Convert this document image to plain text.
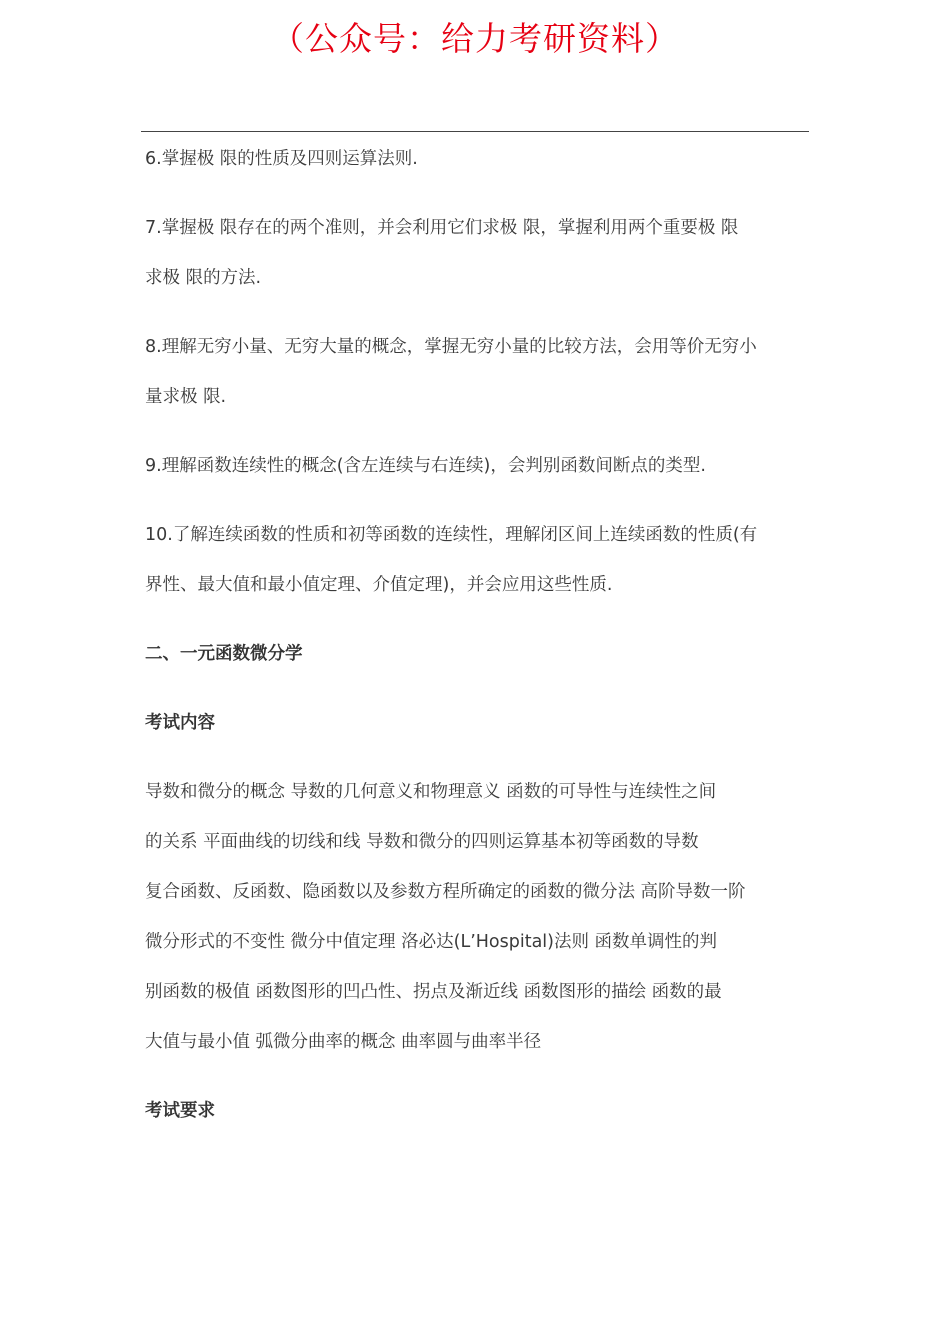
（公众号：给力考研资料）
6.掌握极 限的性质及四则运算法则.
7.掌握极 限存在的两个准则，并会利用它们求极 限，掌握利用两个重要极 限
求极 限的方法.
8.理解无穷小量、无穷大量的概念，掌握无穷小量的比较方法，会用等价无穷小
量求极 限.
9.理解函数连续性的概念(含左连续与右连续)，会判别函数间断点的类型.
10.了解连续函数的性质和初等函数的连续性，理解闭区间上连续函数的性质(有
界性、最大值和最小值定理、介值定理)，并会应用这些性质.
二、一元函数微分学
考试内容
导数和微分的概念 导数的几何意义和物理意义 函数的可导性与连续性之间
的关系 平面曲线的切线和线 导数和微分的四则运算基本初等函数的导数
复合函数、反函数、隐函数以及参数方程所确定的函数的微分法 高阶导数一阶
微分形式的不变性 微分中值定理 洛必达(L’Hospital)法则 函数单调性的判
别函数的极值 函数图形的凹凸性、拐点及渐近线 函数图形的描绘 函数的最
大值与最小值 弧微分曲率的概念 曲率圆与曲率半径
考试要求
